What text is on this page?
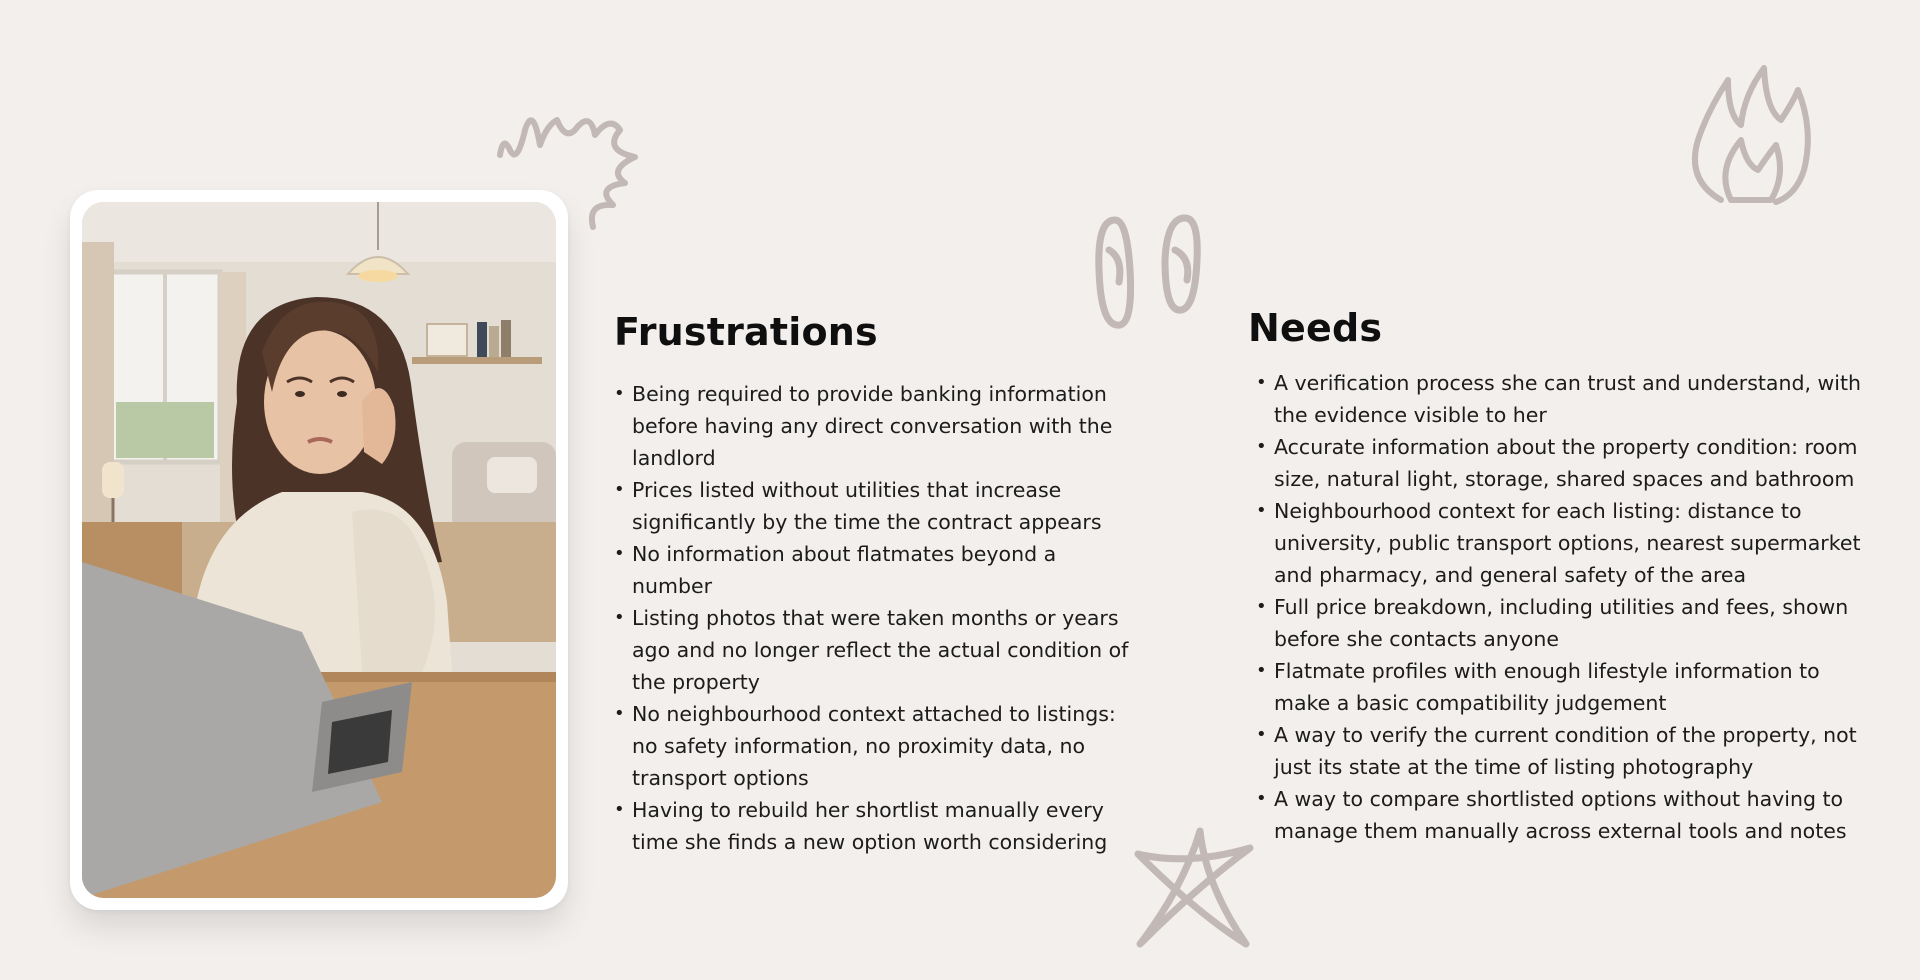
Frustrations
• Being required to provide banking information before having any direct conversation with the landlord
• Prices listed without utilities that increase significantly by the time the contract appears
• No information about flatmates beyond a number
• Listing photos that were taken months or years ago and no longer reflect the actual condition of the property
• No neighbourhood context attached to listings: no safety information, no proximity data, no transport options
• Having to rebuild her shortlist manually every time she finds a new option worth considering
Needs
• A verification process she can trust and understand, with the evidence visible to her
• Accurate information about the property condition: room size, natural light, storage, shared spaces and bathroom
• Neighbourhood context for each listing: distance to university, public transport options, nearest supermarket and pharmacy, and general safety of the area
• Full price breakdown, including utilities and fees, shown before she contacts anyone
• Flatmate profiles with enough lifestyle information to make a basic compatibility judgement
• A way to verify the current condition of the property, not just its state at the time of listing photography
• A way to compare shortlisted options without having to manage them manually across external tools and notes
